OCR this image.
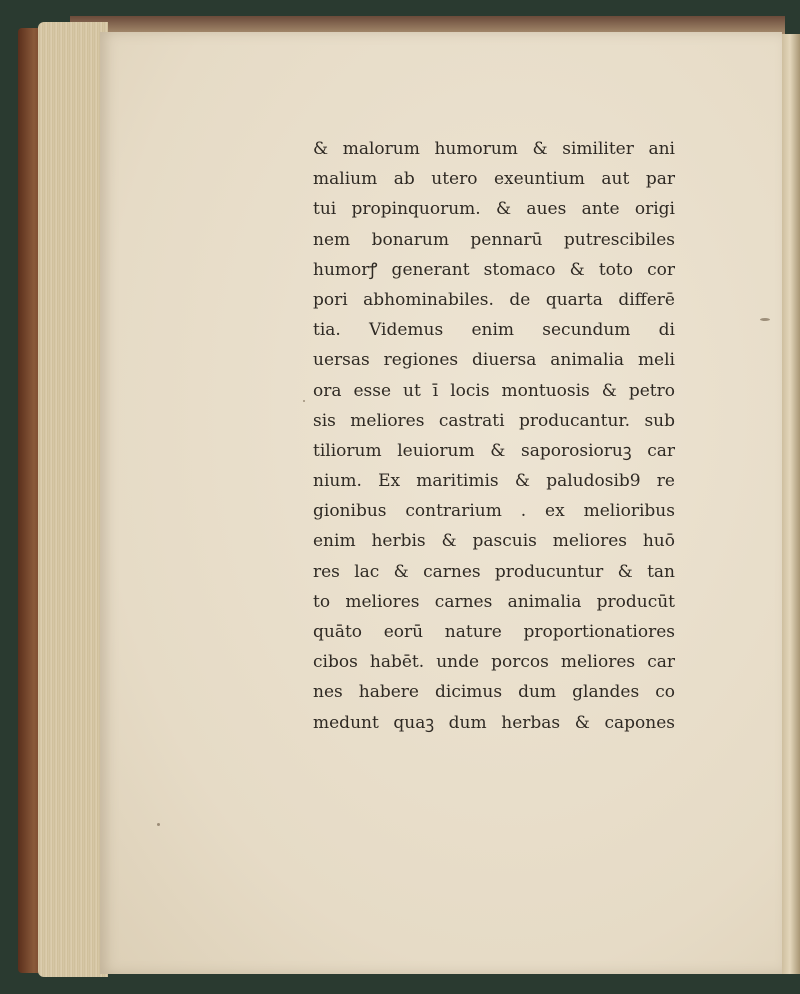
& malorum humorum & similiter ani
malium ab utero exeuntium aut par
tui propinquorum. & aues ante origi
nem bonarum pennarū putrescibiles
humorꝭ generant stomaco & toto cor
pori abhominabiles. de quarta differē
tia. Videmus enim secundum di
uersas regiones diuersa animalia meli
ora esse ut ī locis montuosis & petro
sis meliores castrati producantur. sub
tiliorum leuiorum & saporosioruꝫ car
nium. Ex maritimis & paludosib9 re
gionibus contrarium . ex melioribus
enim herbis & pascuis meliores huō
res lac & carnes producuntur & tan
to meliores carnes animalia producūt
quāto eorū nature proportionatiores
cibos habēt. unde porcos meliores car
nes habere dicimus dum glandes co
medunt quaꝫ dum herbas & capones
